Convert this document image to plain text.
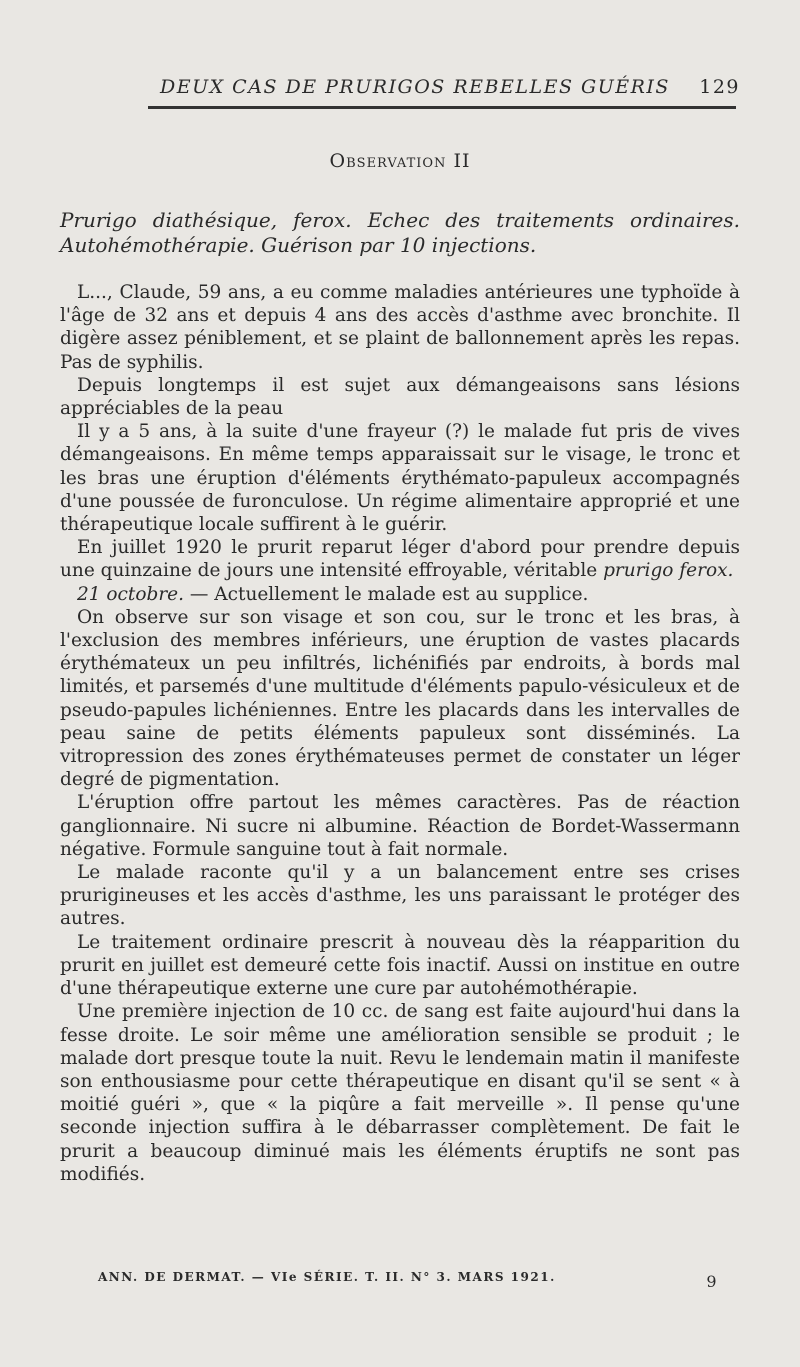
DEUX CAS DE PRURIGOS REBELLES GUÉRIS 129
Observation II
Prurigo diathésique, ferox. Echec des traitements ordinaires. Autohémothérapie. Guérison par 10 injections.

L..., Claude, 59 ans, a eu comme maladies antérieures une typhoïde à l'âge de 32 ans et depuis 4 ans des accès d'asthme avec bronchite. Il digère assez péniblement, et se plaint de ballonnement après les repas. Pas de syphilis.

Depuis longtemps il est sujet aux démangeaisons sans lésions appréciables de la peau

Il y a 5 ans, à la suite d'une frayeur (?) le malade fut pris de vives démangeaisons. En même temps apparaissait sur le visage, le tronc et les bras une éruption d'éléments érythémato-papuleux accompagnés d'une poussée de furonculose. Un régime alimentaire approprié et une thérapeutique locale suffirent à le guérir.

En juillet 1920 le prurit reparut léger d'abord pour prendre depuis une quinzaine de jours une intensité effroyable, véritable prurigo ferox.

21 octobre. — Actuellement le malade est au supplice.

On observe sur son visage et son cou, sur le tronc et les bras, à l'exclusion des membres inférieurs, une éruption de vastes placards érythémateux un peu infiltrés, lichénifiés par endroits, à bords mal limités, et parsemés d'une multitude d'éléments papulo-vésiculeux et de pseudo-papules lichéniennes. Entre les placards dans les intervalles de peau saine de petits éléments papuleux sont disséminés. La vitropression des zones érythémateuses permet de constater un léger degré de pigmentation.

L'éruption offre partout les mêmes caractères. Pas de réaction ganglionnaire. Ni sucre ni albumine. Réaction de Bordet-Wassermann négative. Formule sanguine tout à fait normale.

Le malade raconte qu'il y a un balancement entre ses crises prurigineuses et les accès d'asthme, les uns paraissant le protéger des autres.

Le traitement ordinaire prescrit à nouveau dès la réapparition du prurit en juillet est demeuré cette fois inactif. Aussi on institue en outre d'une thérapeutique externe une cure par autohémothérapie.

Une première injection de 10 cc. de sang est faite aujourd'hui dans la fesse droite. Le soir même une amélioration sensible se produit ; le malade dort presque toute la nuit. Revu le lendemain matin il manifeste son enthousiasme pour cette thérapeutique en disant qu'il se sent « à moitié guéri », que « la piqûre a fait merveille ». Il pense qu'une seconde injection suffira à le débarrasser complètement. De fait le prurit a beaucoup diminué mais les éléments éruptifs ne sont pas modifiés.

ANN. DE DERMAT. — VIe SÉRIE. T. II. N° 3. MARS 1921.	9
